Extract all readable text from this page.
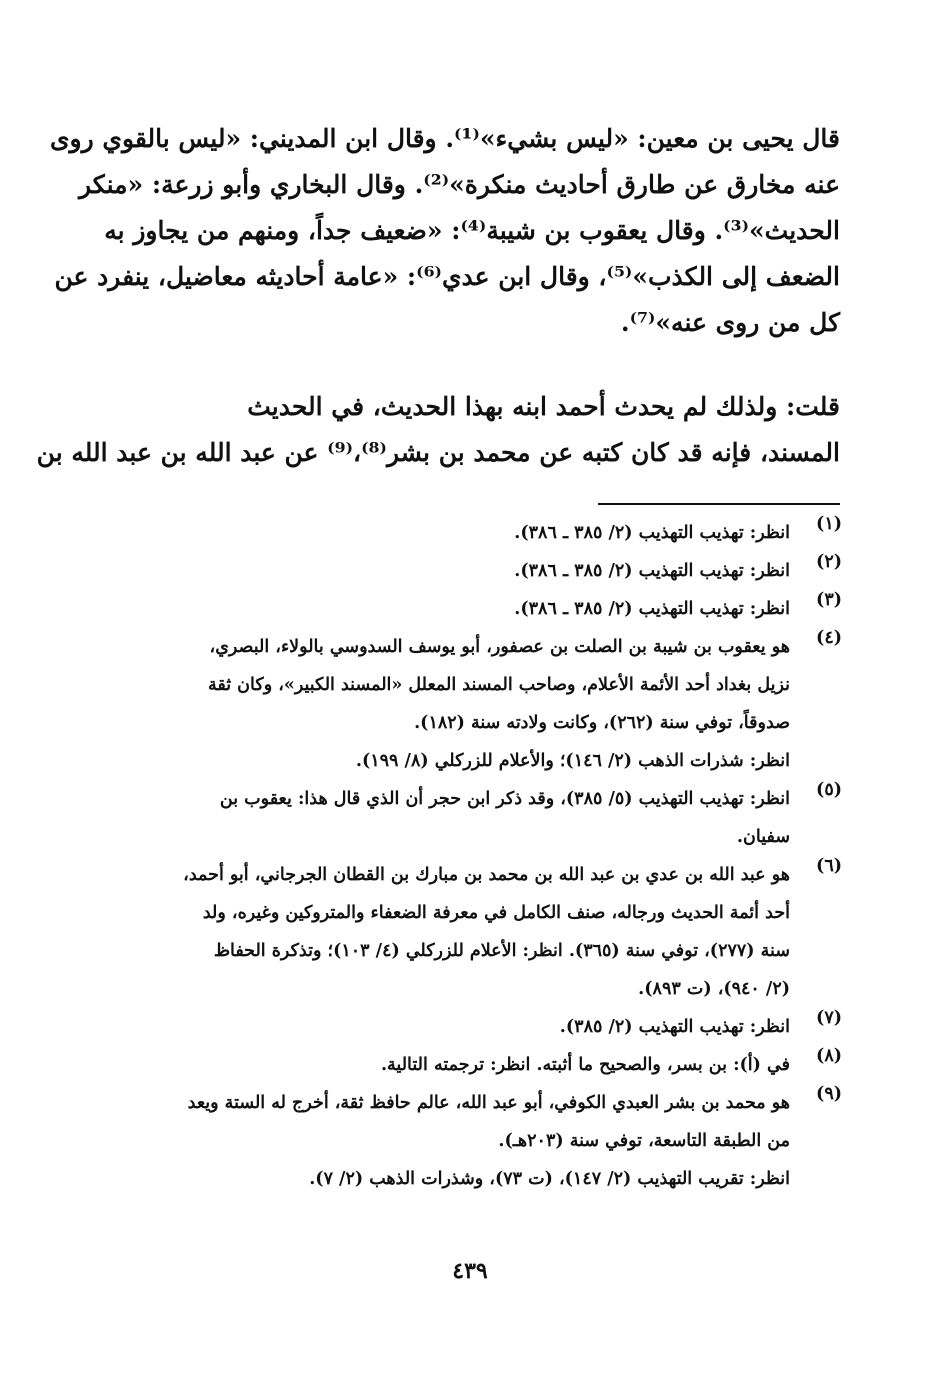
قال يحيى بن معين: «ليس بشيء»⁽¹⁾. وقال ابن المديني: «ليس بالقوي روى
عنه مخارق عن طارق أحاديث منكرة»⁽²⁾. وقال البخاري وأبو زرعة: «منكر
الحديث»⁽³⁾. وقال يعقوب بن شيبة⁽⁴⁾: «ضعيف جداً، ومنهم من يجاوز به
الضعف إلى الكذب»⁽⁵⁾، وقال ابن عدي⁽⁶⁾: «عامة أحاديثه معاضيل، ينفرد عن
كل من روى عنه»⁽⁷⁾.
قلت: ولذلك لم يحدث أحمد ابنه بهذا الحديث، في الحديث
المسند، فإنه قد كان كتبه عن محمد بن بشر⁽⁸⁾،⁽⁹⁾ عن عبد الله بن عبد الله بن
(١)
انظر: تهذيب التهذيب (٢/ ٣٨٥ ـ ٣٨٦).
(٢)
انظر: تهذيب التهذيب (٢/ ٣٨٥ ـ ٣٨٦).
(٣)
انظر: تهذيب التهذيب (٢/ ٣٨٥ ـ ٣٨٦).
(٤)
هو يعقوب بن شيبة بن الصلت بن عصفور، أبو يوسف السدوسي بالولاء، البصري،
نزيل بغداد أحد الأئمة الأعلام، وصاحب المسند المعلل «المسند الكبير»، وكان ثقة
صدوقاً، توفي سنة (٢٦٢)، وكانت ولادته سنة (١٨٢).
انظر: شذرات الذهب (٢/ ١٤٦)؛ والأعلام للزركلي (٨/ ١٩٩).
(٥)
انظر: تهذيب التهذيب (٥/ ٣٨٥)، وقد ذكر ابن حجر أن الذي قال هذا: يعقوب بن
سفيان.
(٦)
هو عبد الله بن عدي بن عبد الله بن محمد بن مبارك بن القطان الجرجاني، أبو أحمد،
أحد أئمة الحديث ورجاله، صنف الكامل في معرفة الضعفاء والمتروكين وغيره، ولد
سنة (٢٧٧)، توفي سنة (٣٦٥). انظر: الأعلام للزركلي (٤/ ١٠٣)؛ وتذكرة الحفاظ
(٢/ ٩٤٠)، (ت ٨٩٣).
(٧)
انظر: تهذيب التهذيب (٢/ ٣٨٥).
(٨)
في (أ): بن بسر، والصحيح ما أثبته. انظر: ترجمته التالية.
(٩)
هو محمد بن بشر العبدي الكوفي، أبو عبد الله، عالم حافظ ثقة، أخرج له الستة ويعد
من الطبقة التاسعة، توفي سنة (٢٠٣هـ).
انظر: تقريب التهذيب (٢/ ١٤٧)، (ت ٧٣)، وشذرات الذهب (٢/ ٧).
٤٣٩
